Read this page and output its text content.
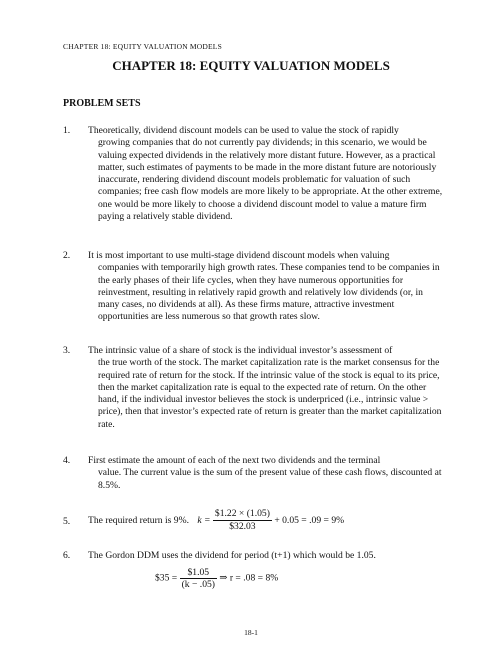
CHAPTER 18: EQUITY VALUATION MODELS
CHAPTER 18: EQUITY VALUATION MODELS
PROBLEM SETS
1. Theoretically, dividend discount models can be used to value the stock of rapidly
growing companies that do not currently pay dividends; in this scenario, we would be valuing expected dividends in the relatively more distant future. However, as a practical matter, such estimates of payments to be made in the more distant future are notoriously inaccurate, rendering dividend discount models problematic for valuation of such companies; free cash flow models are more likely to be appropriate. At the other extreme, one would be more likely to choose a dividend discount model to value a mature firm paying a relatively stable dividend.
2. It is most important to use multi-stage dividend discount models when valuing
companies with temporarily high growth rates. These companies tend to be companies in the early phases of their life cycles, when they have numerous opportunities for reinvestment, resulting in relatively rapid growth and relatively low dividends (or, in many cases, no dividends at all). As these firms mature, attractive investment opportunities are less numerous so that growth rates slow.
3. The intrinsic value of a share of stock is the individual investor’s assessment of
the true worth of the stock. The market capitalization rate is the market consensus for the required rate of return for the stock. If the intrinsic value of the stock is equal to its price, then the market capitalization rate is equal to the expected rate of return. On the other hand, if the individual investor believes the stock is underpriced (i.e., intrinsic value > price), then that investor’s expected rate of return is greater than the market capitalization rate.
4. First estimate the amount of each of the next two dividends and the terminal
value. The current value is the sum of the present value of these cash flows, discounted at 8.5%.
5. The required return is 9%. $k = \frac{\$1.22 \times (1.05)}{\$32.03} + 0.05 = .09 = 9\%$
6. The Gordon DDM uses the dividend for period (t+1) which would be 1.05.
$35 = $\frac{\$1.05}{(k - .05)}$ ⇒ r = .08 = 8%
18-1
